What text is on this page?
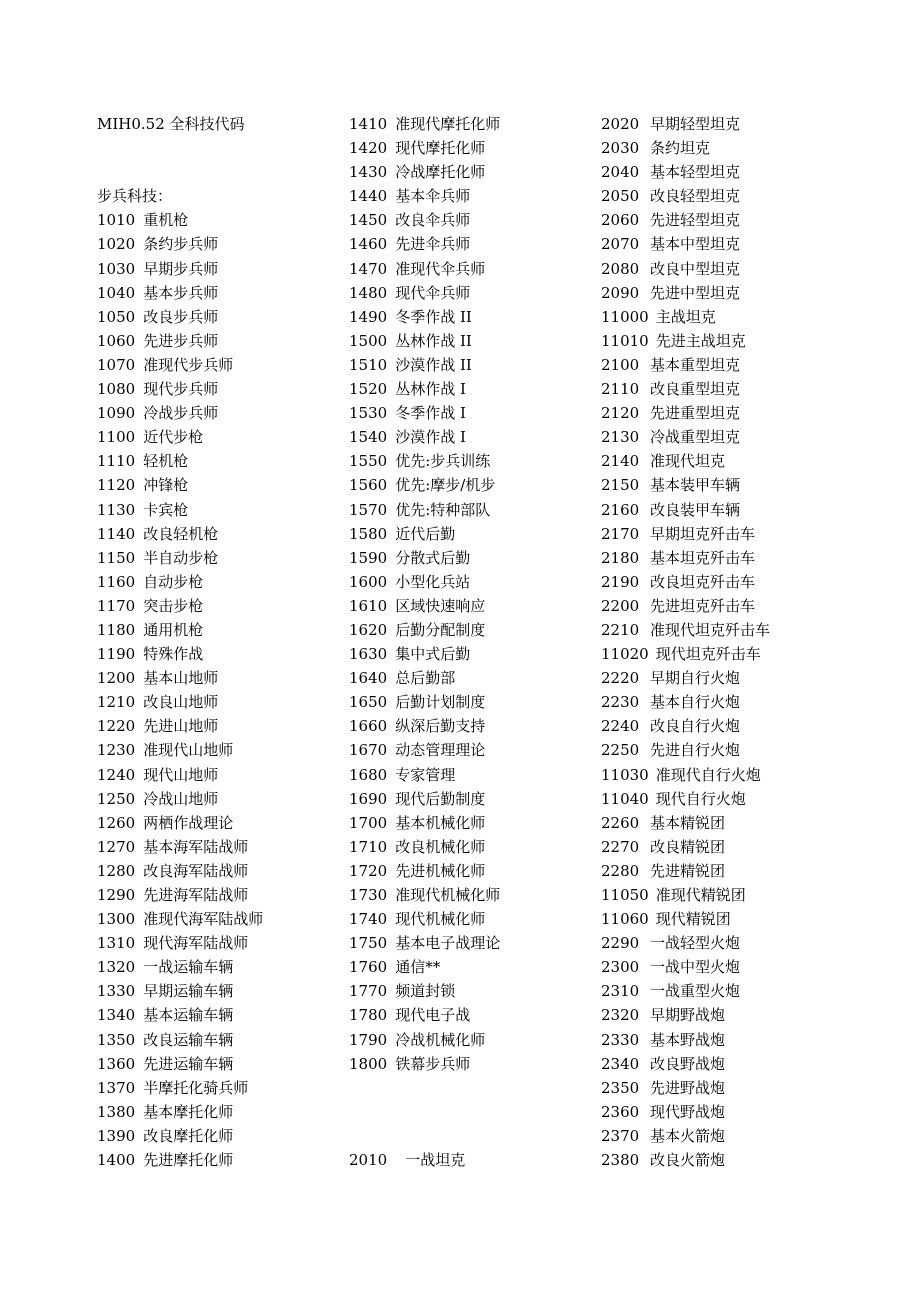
MIH0.52 全科技代码
步兵科技：
1010 重机枪
1020 条约步兵师
1030 早期步兵师
1040 基本步兵师
1050 改良步兵师
1060 先进步兵师
1070 准现代步兵师
1080 现代步兵师
1090 冷战步兵师
1100 近代步枪
1110 轻机枪
1120 冲锋枪
1130 卡宾枪
1140 改良轻机枪
1150 半自动步枪
1160 自动步枪
1170 突击步枪
1180 通用机枪
1190 特殊作战
1200 基本山地师
1210 改良山地师
1220 先进山地师
1230 准现代山地师
1240 现代山地师
1250 冷战山地师
1260 两栖作战理论
1270 基本海军陆战师
1280 改良海军陆战师
1290 先进海军陆战师
1300 准现代海军陆战师
1310 现代海军陆战师
1320 一战运输车辆
1330 早期运输车辆
1340 基本运输车辆
1350 改良运输车辆
1360 先进运输车辆
1370 半摩托化骑兵师
1380 基本摩托化师
1390 改良摩托化师
1400 先进摩托化师
1410 准现代摩托化师
1420 现代摩托化师
1430 冷战摩托化师
1440 基本伞兵师
1450 改良伞兵师
1460 先进伞兵师
1470 准现代伞兵师
1480 现代伞兵师
1490 冬季作战 II
1500 丛林作战 II
1510 沙漠作战 II
1520 丛林作战 I
1530 冬季作战 I
1540 沙漠作战 I
1550 优先:步兵训练
1560 优先:摩步/机步
1570 优先:特种部队
1580 近代后勤
1590 分散式后勤
1600 小型化兵站
1610 区域快速响应
1620 后勤分配制度
1630 集中式后勤
1640 总后勤部
1650 后勤计划制度
1660 纵深后勤支持
1670 动态管理理论
1680 专家管理
1690 现代后勤制度
1700 基本机械化师
1710 改良机械化师
1720 先进机械化师
1730 准现代机械化师
1740 现代机械化师
1750 基本电子战理论
1760 通信**
1770 频道封锁
1780 现代电子战
1790 冷战机械化师
1800 铁幕步兵师
2010 一战坦克
2020 早期轻型坦克
2030 条约坦克
2040 基本轻型坦克
2050 改良轻型坦克
2060 先进轻型坦克
2070 基本中型坦克
2080 改良中型坦克
2090 先进中型坦克
11000 主战坦克
11010 先进主战坦克
2100 基本重型坦克
2110 改良重型坦克
2120 先进重型坦克
2130 冷战重型坦克
2140 准现代坦克
2150 基本装甲车辆
2160 改良装甲车辆
2170 早期坦克歼击车
2180 基本坦克歼击车
2190 改良坦克歼击车
2200 先进坦克歼击车
2210 准现代坦克歼击车
11020 现代坦克歼击车
2220 早期自行火炮
2230 基本自行火炮
2240 改良自行火炮
2250 先进自行火炮
11030 准现代自行火炮
11040 现代自行火炮
2260 基本精锐团
2270 改良精锐团
2280 先进精锐团
11050 准现代精锐团
11060 现代精锐团
2290 一战轻型火炮
2300 一战中型火炮
2310 一战重型火炮
2320 早期野战炮
2330 基本野战炮
2340 改良野战炮
2350 先进野战炮
2360 现代野战炮
2370 基本火箭炮
2380 改良火箭炮
